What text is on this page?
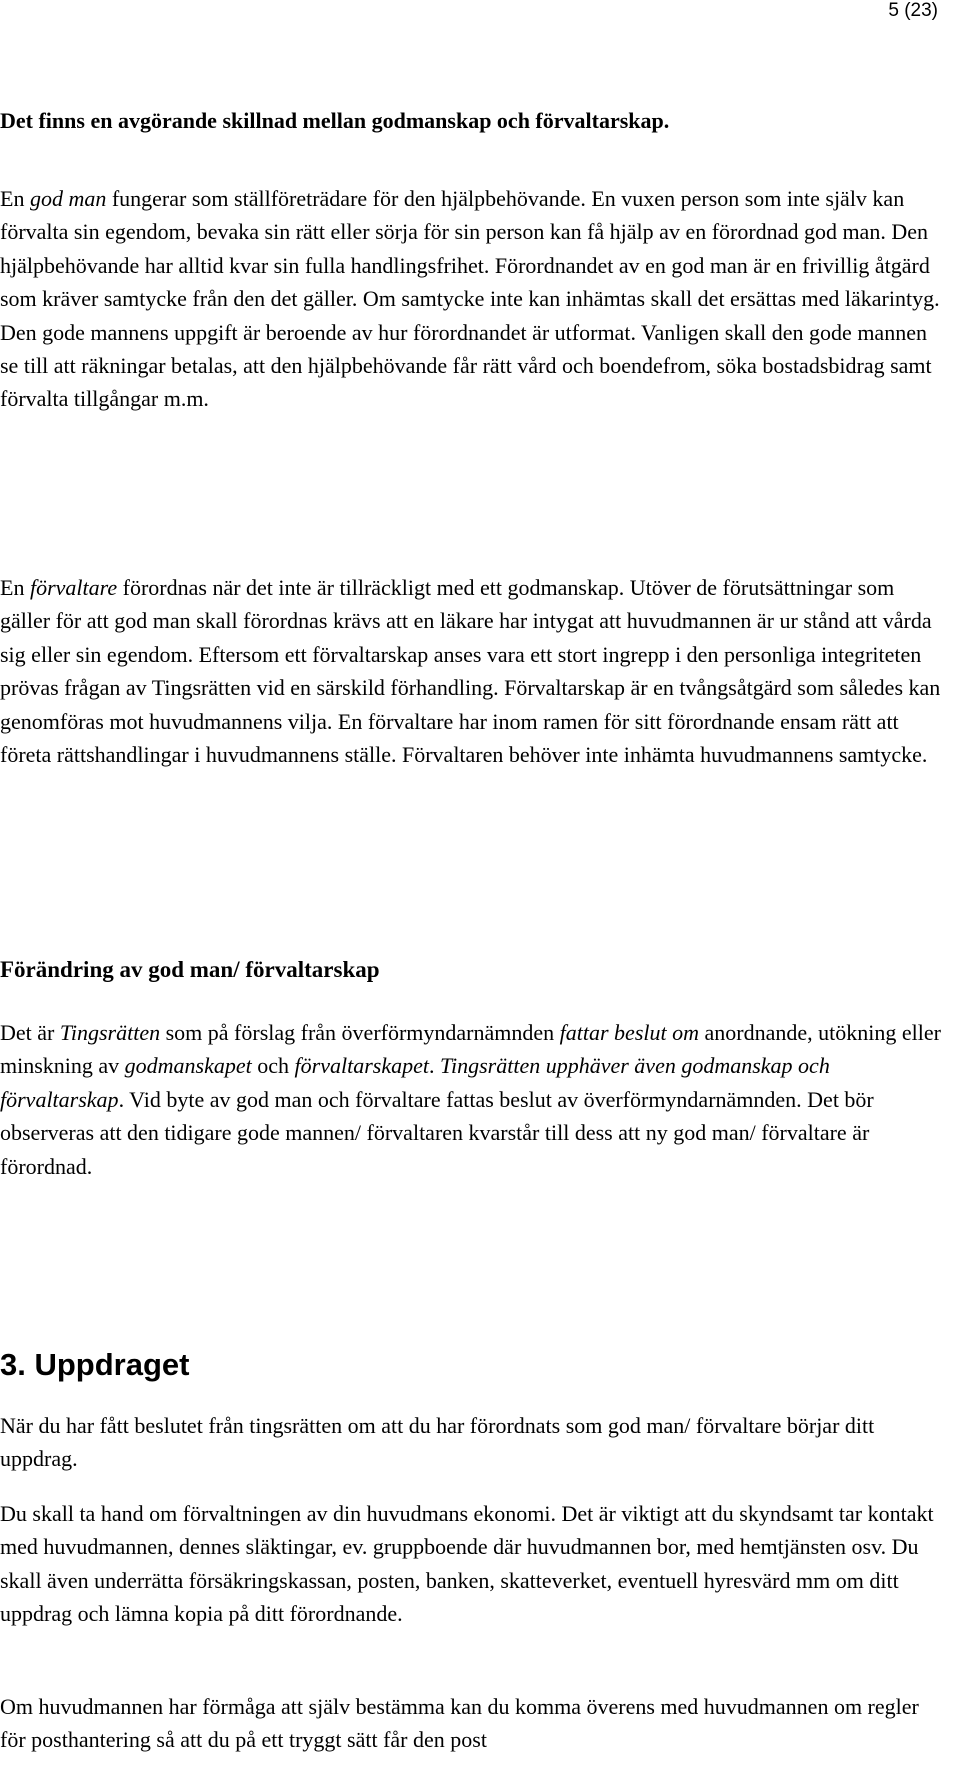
5 (23)

Det finns en avgörande skillnad mellan godmanskap och förvaltarskap.

En god man fungerar som ställföreträdare för den hjälpbehövande. En vuxen person som inte själv kan förvalta sin egendom, bevaka sin rätt eller sörja för sin person kan få hjälp av en förordnad god man. Den hjälpbehövande har alltid kvar sin fulla handlingsfrihet. Förordnandet av en god man är en frivillig åtgärd som kräver samtycke från den det gäller. Om samtycke inte kan inhämtas skall det ersättas med läkarintyg. Den gode mannens uppgift är beroende av hur förordnandet är utformat. Vanligen skall den gode mannen se till att räkningar betalas, att den hjälpbehövande får rätt vård och boendefrom, söka bostadsbidrag samt förvalta tillgångar m.m.

En förvaltare förordnas när det inte är tillräckligt med ett godmanskap. Utöver de förutsättningar som gäller för att god man skall förordnas krävs att en läkare har intygat att huvudmannen är ur stånd att vårda sig eller sin egendom. Eftersom ett förvaltarskap anses vara ett stort ingrepp i den personliga integriteten prövas frågan av Tingsrätten vid en särskild förhandling. Förvaltarskap är en tvångsåtgärd som således kan genomföras mot huvudmannens vilja. En förvaltare har inom ramen för sitt förordnande ensam rätt att företa rättshandlingar i huvudmannens ställe. Förvaltaren behöver inte inhämta huvudmannens samtycke.

Förändring av god man/ förvaltarskap

Det är Tingsrätten som på förslag från överförmyndarnämnden fattar beslut om anordnande, utökning eller minskning av godmanskapet och förvaltarskapet. Tingsrätten upphäver även godmanskap och förvaltarskap. Vid byte av god man och förvaltare fattas beslut av överförmyndarnämnden. Det bör observeras att den tidigare gode mannen/ förvaltaren kvarstår till dess att ny god man/ förvaltare är förordnad.

3. Uppdraget

När du har fått beslutet från tingsrätten om att du har förordnats som god man/ förvaltare börjar ditt uppdrag.

Du skall ta hand om förvaltningen av din huvudmans ekonomi. Det är viktigt att du skyndsamt tar kontakt med huvudmannen, dennes släktingar, ev. gruppboende där huvudmannen bor, med hemtjänsten osv. Du skall även underrätta försäkringskassan, posten, banken, skatteverket, eventuell hyresvärd mm om ditt uppdrag och lämna kopia på ditt förordnande.

Om huvudmannen har förmåga att själv bestämma kan du komma överens med huvudmannen om regler för posthantering så att du på ett tryggt sätt får den post
